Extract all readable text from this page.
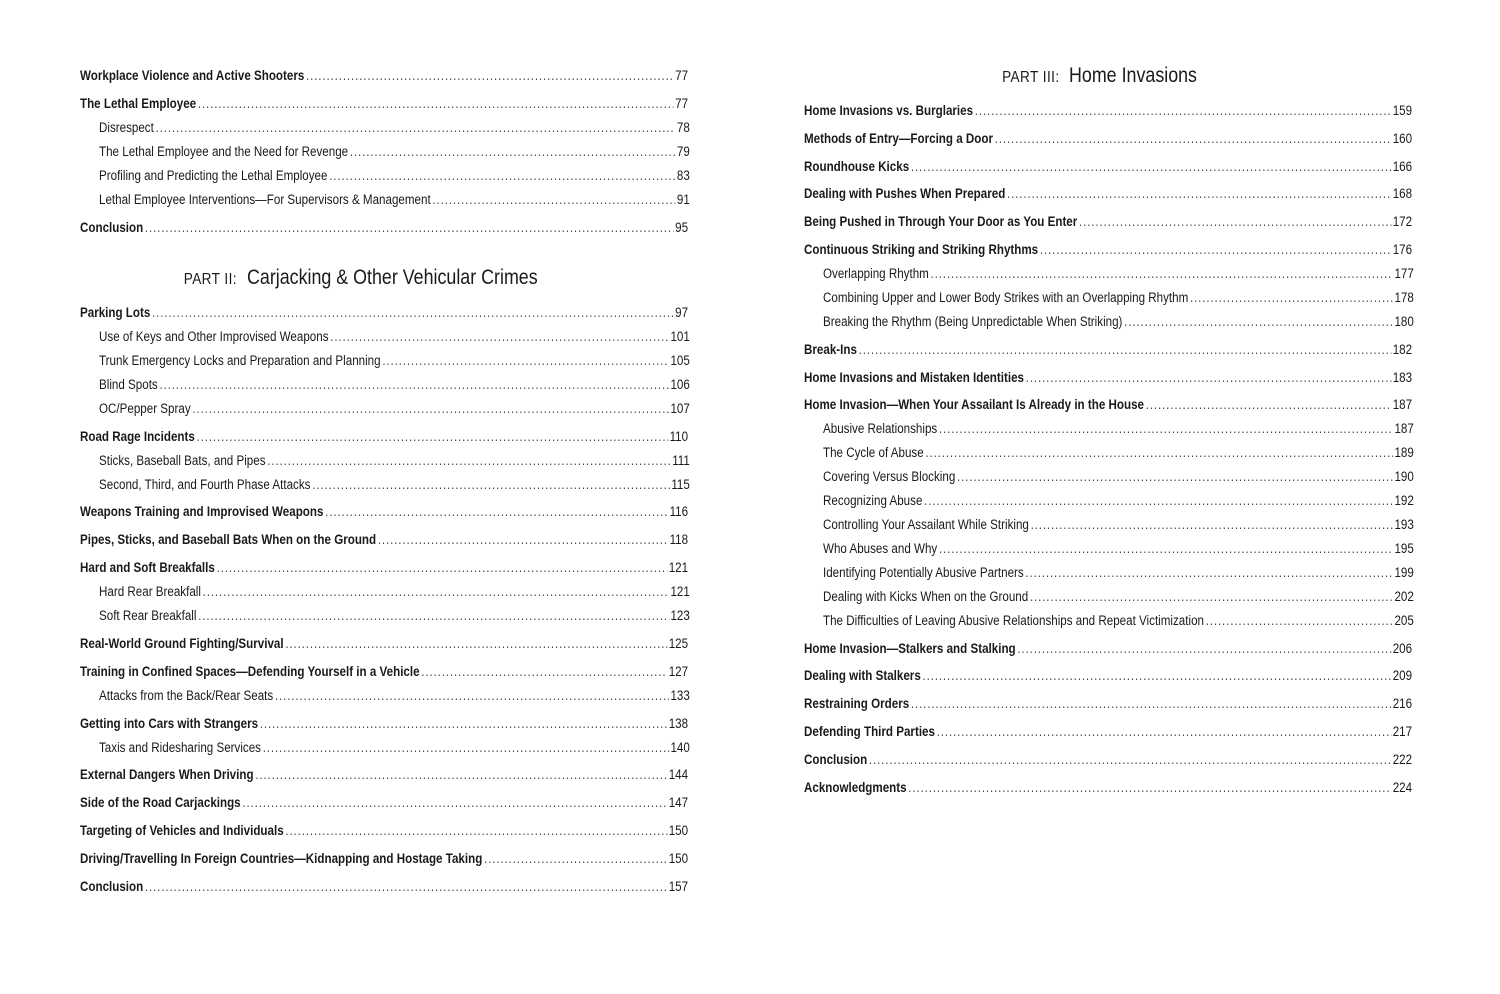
Workplace Violence and Active Shooters .....	77
The Lethal Employee .....	77
Disrespect .....	78
The Lethal Employee and the Need for Revenge .....	79
Profiling and Predicting the Lethal Employee .....	83
Lethal Employee Interventions—For Supervisors & Management .....	91
Conclusion .....	95
PART II: Carjacking & Other Vehicular Crimes
Parking Lots .....	97
Use of Keys and Other Improvised Weapons .....	101
Trunk Emergency Locks and Preparation and Planning .....	105
Blind Spots .....	106
OC/Pepper Spray .....	107
Road Rage Incidents .....	110
Sticks, Baseball Bats, and Pipes .....	111
Second, Third, and Fourth Phase Attacks .....	115
Weapons Training and Improvised Weapons .....	116
Pipes, Sticks, and Baseball Bats When on the Ground .....	118
Hard and Soft Breakfalls .....	121
Hard Rear Breakfall .....	121
Soft Rear Breakfall .....	123
Real-World Ground Fighting/Survival .....	125
Training in Confined Spaces—Defending Yourself in a Vehicle .....	127
Attacks from the Back/Rear Seats .....	133
Getting into Cars with Strangers .....	138
Taxis and Ridesharing Services .....	140
External Dangers When Driving .....	144
Side of the Road Carjackings .....	147
Targeting of Vehicles and Individuals .....	150
Driving/Travelling In Foreign Countries—Kidnapping and Hostage Taking .....	150
Conclusion .....	157
PART III: Home Invasions
Home Invasions vs. Burglaries .....	159
Methods of Entry—Forcing a Door .....	160
Roundhouse Kicks .....	166
Dealing with Pushes When Prepared .....	168
Being Pushed in Through Your Door as You Enter .....	172
Continuous Striking and Striking Rhythms .....	176
Overlapping Rhythm .....	177
Combining Upper and Lower Body Strikes with an Overlapping Rhythm .....	178
Breaking the Rhythm (Being Unpredictable When Striking) .....	180
Break-Ins .....	182
Home Invasions and Mistaken Identities .....	183
Home Invasion—When Your Assailant Is Already in the House .....	187
Abusive Relationships .....	187
The Cycle of Abuse .....	189
Covering Versus Blocking .....	190
Recognizing Abuse .....	192
Controlling Your Assailant While Striking .....	193
Who Abuses and Why .....	195
Identifying Potentially Abusive Partners .....	199
Dealing with Kicks When on the Ground .....	202
The Difficulties of Leaving Abusive Relationships and Repeat Victimization .....	205
Home Invasion—Stalkers and Stalking .....	206
Dealing with Stalkers .....	209
Restraining Orders .....	216
Defending Third Parties .....	217
Conclusion .....	222
Acknowledgments .....	224
